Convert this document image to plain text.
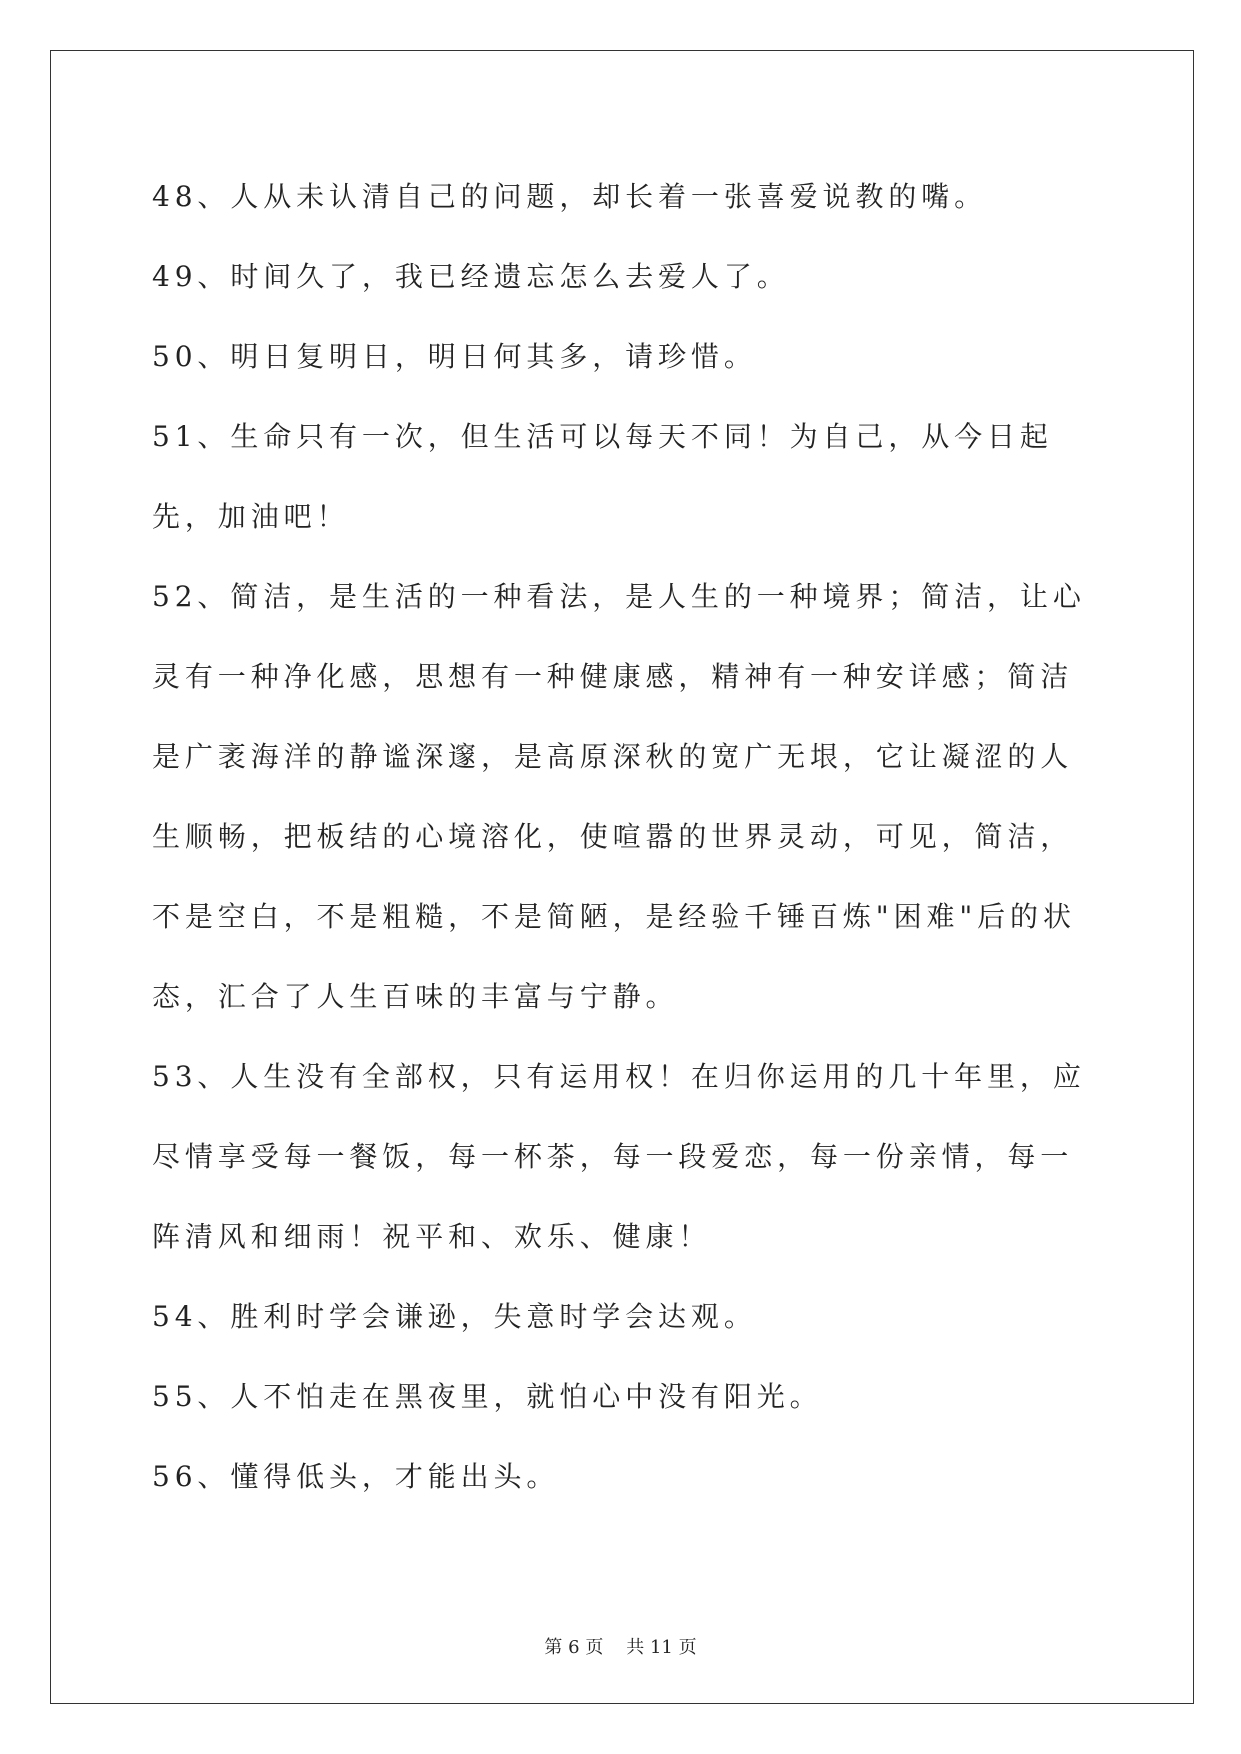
48、人从未认清自己的问题，却长着一张喜爱说教的嘴。

49、时间久了，我已经遗忘怎么去爱人了。

50、明日复明日，明日何其多，请珍惜。

51、生命只有一次，但生活可以每天不同！为自己，从今日起先，加油吧！

52、简洁，是生活的一种看法，是人生的一种境界；简洁，让心灵有一种净化感，思想有一种健康感，精神有一种安详感；简洁是广袤海洋的静谧深邃，是高原深秋的宽广无垠，它让凝涩的人生顺畅，把板结的心境溶化，使喧嚣的世界灵动，可见，简洁，不是空白，不是粗糙，不是简陋，是经验千锤百炼"困难"后的状态，汇合了人生百味的丰富与宁静。

53、人生没有全部权，只有运用权！在归你运用的几十年里，应尽情享受每一餐饭，每一杯茶，每一段爱恋，每一份亲情，每一阵清风和细雨！祝平和、欢乐、健康！

54、胜利时学会谦逊，失意时学会达观。

55、人不怕走在黑夜里，就怕心中没有阳光。

56、懂得低头，才能出头。

第 6 页 共 11 页
